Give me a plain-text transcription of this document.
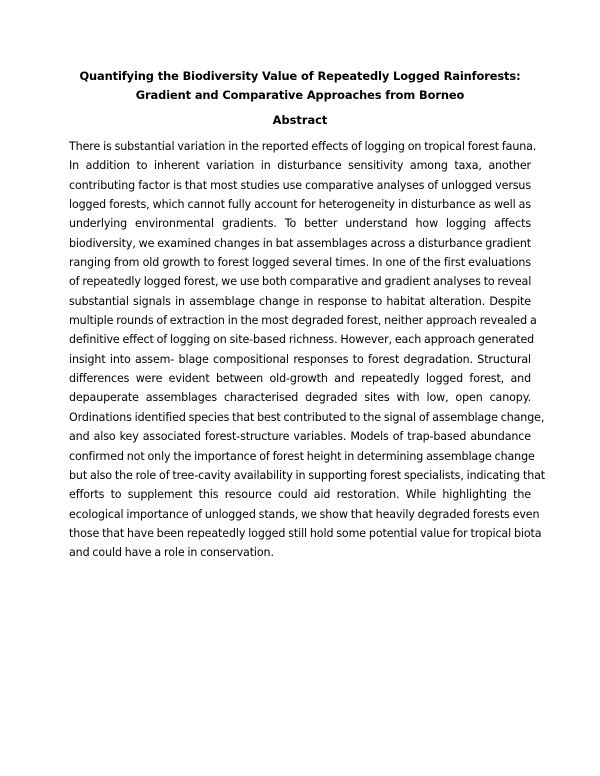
Quantifying the Biodiversity Value of Repeatedly Logged Rainforests:
Gradient and Comparative Approaches from Borneo
Abstract
There is substantial variation in the reported effects of logging on tropical forest fauna.
In addition to inherent variation in disturbance sensitivity among taxa, another
contributing factor is that most studies use comparative analyses of unlogged versus
logged forests, which cannot fully account for heterogeneity in disturbance as well as
underlying environmental gradients. To better understand how logging affects
biodiversity, we examined changes in bat assemblages across a disturbance gradient
ranging from old growth to forest logged several times. In one of the first evaluations
of repeatedly logged forest, we use both comparative and gradient analyses to reveal
substantial signals in assemblage change in response to habitat alteration. Despite
multiple rounds of extraction in the most degraded forest, neither approach revealed a
definitive effect of logging on site-based richness. However, each approach generated
insight into assem- blage compositional responses to forest degradation. Structural
differences were evident between old-growth and repeatedly logged forest, and
depauperate assemblages characterised degraded sites with low, open canopy.
Ordinations identified species that best contributed to the signal of assemblage change,
and also key associated forest-structure variables. Models of trap-based abundance
confirmed not only the importance of forest height in determining assemblage change
but also the role of tree-cavity availability in supporting forest specialists, indicating that
efforts to supplement this resource could aid restoration. While highlighting the
ecological importance of unlogged stands, we show that heavily degraded forests even
those that have been repeatedly logged still hold some potential value for tropical biota
and could have a role in conservation.
